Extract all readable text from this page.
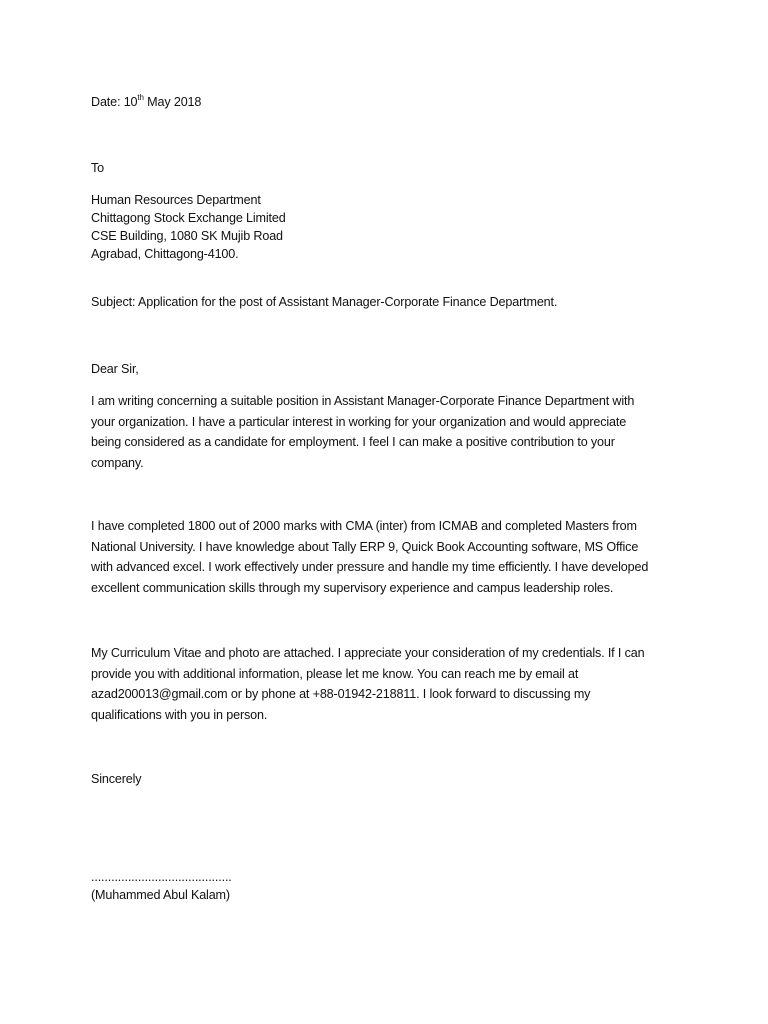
Date: 10th May 2018
To
Human Resources Department
Chittagong Stock Exchange Limited
CSE Building, 1080 SK Mujib Road
Agrabad, Chittagong-4100.
Subject: Application for the post of Assistant Manager-Corporate Finance Department.
Dear Sir,
I am writing concerning a suitable position in Assistant Manager-Corporate Finance Department with
your organization. I have a particular interest in working for your organization and would appreciate
being considered as a candidate for employment. I feel I can make a positive contribution to your
company.
I have completed 1800 out of 2000 marks with CMA (inter) from ICMAB and completed Masters from
National University. I have knowledge about Tally ERP 9, Quick Book Accounting software, MS Office
with advanced excel. I work effectively under pressure and handle my time efficiently. I have developed
excellent communication skills through my supervisory experience and campus leadership roles.
My Curriculum Vitae and photo are attached. I appreciate your consideration of my credentials. If I can
provide you with additional information, please let me know. You can reach me by email at
azad200013@gmail.com or by phone at +88-01942-218811. I look forward to discussing my
qualifications with you in person.
Sincerely
..........................................
(Muhammed Abul Kalam)
